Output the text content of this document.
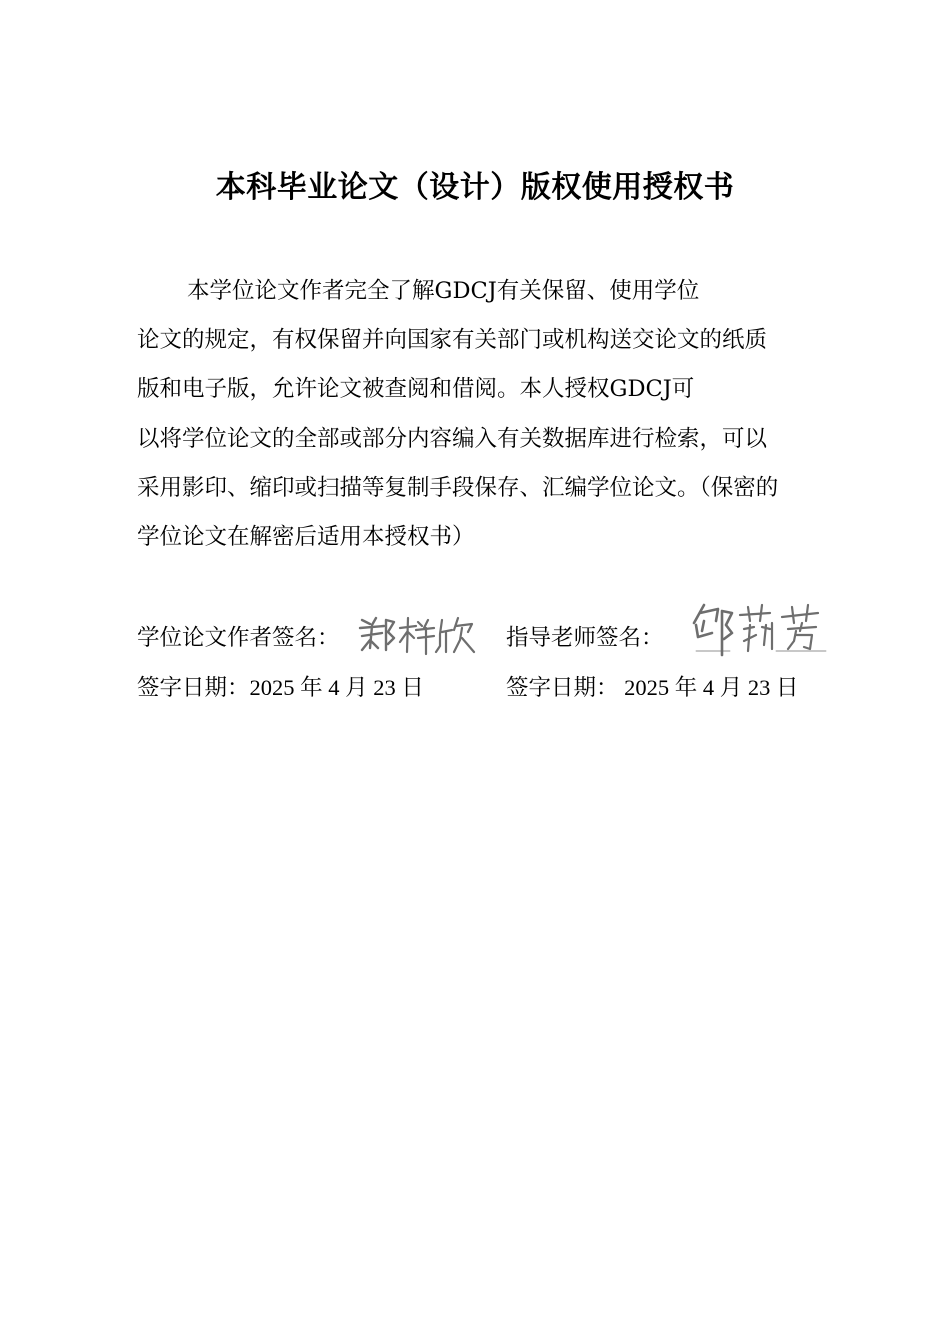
本科毕业论文（设计）版权使用授权书
本学位论文作者完全了解GDCJ有关保留、使用学位
论文的规定，有权保留并向国家有关部门或机构送交论文的纸质
版和电子版，允许论文被查阅和借阅。本人授权GDCJ可
以将学位论文的全部或部分内容编入有关数据库进行检索，可以
采用影印、缩印或扫描等复制手段保存、汇编学位论文。（保密的
学位论文在解密后适用本授权书）
学位论文作者签名：	指导老师签名：
签字日期：2025 年 4 月 23 日	签字日期： 2025 年 4 月 23 日
